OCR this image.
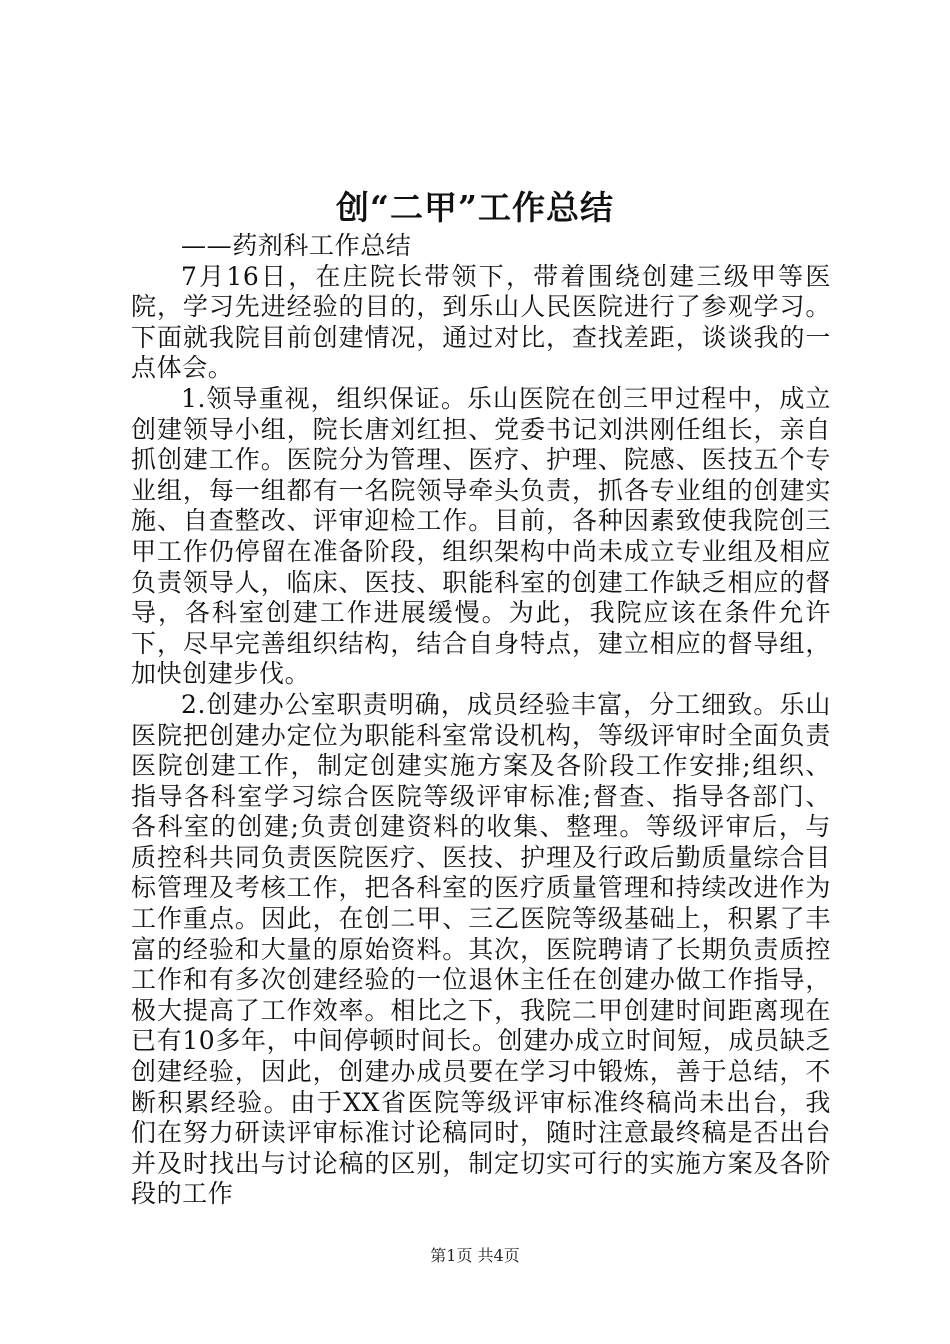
创“二甲”工作总结

——药剂科工作总结

7月16日，在庄院长带领下，带着围绕创建三级甲等医院，学习先进经验的目的，到乐山人民医院进行了参观学习。下面就我院目前创建情况，通过对比，查找差距，谈谈我的一点体会。

1.领导重视，组织保证。乐山医院在创三甲过程中，成立创建领导小组，院长唐刘红担、党委书记刘洪刚任组长，亲自抓创建工作。医院分为管理、医疗、护理、院感、医技五个专业组，每一组都有一名院领导牵头负责，抓各专业组的创建实施、自查整改、评审迎检工作。目前，各种因素致使我院创三甲工作仍停留在准备阶段，组织架构中尚未成立专业组及相应负责领导人，临床、医技、职能科室的创建工作缺乏相应的督导，各科室创建工作进展缓慢。为此，我院应该在条件允许下，尽早完善组织结构，结合自身特点，建立相应的督导组，加快创建步伐。

2.创建办公室职责明确，成员经验丰富，分工细致。乐山医院把创建办定位为职能科室常设机构，等级评审时全面负责医院创建工作，制定创建实施方案及各阶段工作安排;组织、指导各科室学习综合医院等级评审标准;督查、指导各部门、各科室的创建;负责创建资料的收集、整理。等级评审后，与质控科共同负责医院医疗、医技、护理及行政后勤质量综合目标管理及考核工作，把各科室的医疗质量管理和持续改进作为工作重点。因此，在创二甲、三乙医院等级基础上，积累了丰富的经验和大量的原始资料。其次，医院聘请了长期负责质控工作和有多次创建经验的一位退休主任在创建办做工作指导，极大提高了工作效率。相比之下，我院二甲创建时间距离现在已有10多年，中间停顿时间长。创建办成立时间短，成员缺乏创建经验，因此，创建办成员要在学习中锻炼，善于总结，不断积累经验。由于XX省医院等级评审标准终稿尚未出台，我们在努力研读评审标准讨论稿同时，随时注意最终稿是否出台并及时找出与讨论稿的区别，制定切实可行的实施方案及各阶段的工作

第1页 共4页
